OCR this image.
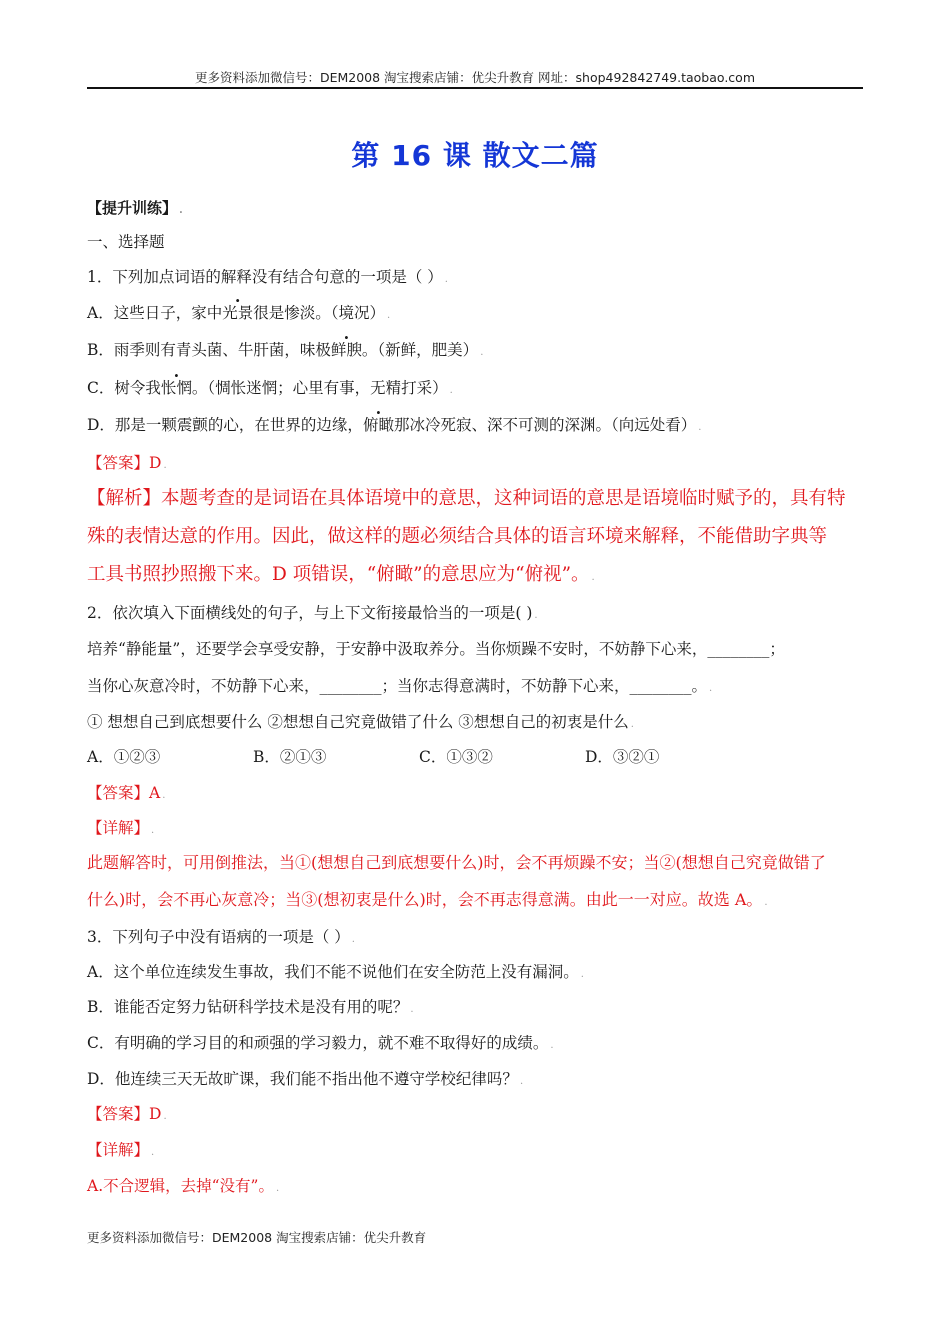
更多资料添加微信号：DEM2008 淘宝搜索店铺：优尖升教育 网址：shop492842749.taobao.com
第 16 课 散文二篇
【提升训练】 .
一、选择题
1．下列加点词语的解释没有结合句意的一项是（ ） .
A．这些日子，家中光景很是惨淡。（境况） .
B．雨季则有青头菌、牛肝菌，味极鲜腴。（新鲜，肥美） .
C．树令我怅惘。（惆怅迷惘；心里有事，无精打采） .
D．那是一颗震颤的心，在世界的边缘，俯瞰那冰冷死寂、深不可测的深渊。（向远处看） .
【答案】D .
【解析】本题考查的是词语在具体语境中的意思，这种词语的意思是语境临时赋予的，具有特
殊的表情达意的作用。因此，做这样的题必须结合具体的语言环境来解释，不能借助字典等
工具书照抄照搬下来。D 项错误，“俯瞰”的意思应为“俯视”。 .
2．依次填入下面横线处的句子，与上下文衔接最恰当的一项是( ) .
培养“静能量”，还要学会享受安静，于安静中汲取养分。当你烦躁不安时，不妨静下心来，________；
当你心灰意冷时，不妨静下心来，________；当你志得意满时，不妨静下心来，________。 .
① 想想自己到底想要什么 ②想想自己究竟做错了什么 ③想想自己的初衷是什么 .
A．①②③	B．②①③	C．①③②	D．③②①
【答案】A .
【详解】 .
此题解答时，可用倒推法，当①(想想自己到底想要什么)时，会不再烦躁不安；当②(想想自己究竟做错了
什么)时，会不再心灰意冷；当③(想初衷是什么)时，会不再志得意满。由此一一对应。故选 A。 .
3．下列句子中没有语病的一项是（ ） .
A．这个单位连续发生事故，我们不能不说他们在安全防范上没有漏洞。 .
B．谁能否定努力钻研科学技术是没有用的呢？ .
C．有明确的学习目的和顽强的学习毅力，就不难不取得好的成绩。 .
D．他连续三天无故旷课，我们能不指出他不遵守学校纪律吗？ .
【答案】D .
【详解】 .
A.不合逻辑，去掉“没有”。 .
更多资料添加微信号：DEM2008 淘宝搜索店铺：优尖升教育
